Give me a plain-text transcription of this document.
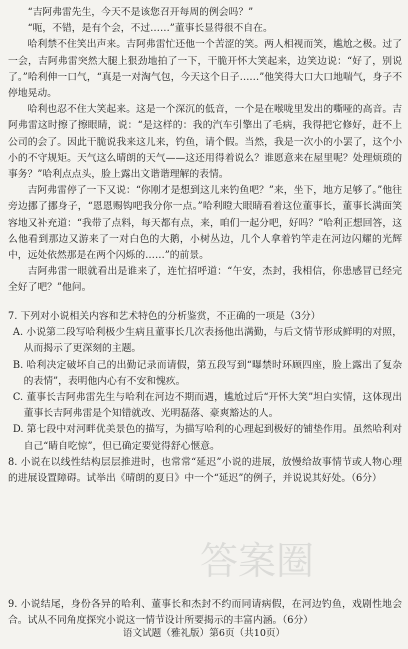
“吉阿弗雷先生，今天不是该您召开每周的例会吗？”

“呃，不错，是有个会，不过……”董事长显得很不自在。

哈利禁不住笑出声来。吉阿弗雷忙还他一个苦涩的笑。两人相视而笑，尴尬之极。过了一会，吉阿弗雷突然大腿上狠劲地拍了一下，干脆开怀大笑起来，边笑边说：“好了，别说了。”哈利伸一口气，“真是一对淘气包，今天这个日子……”他笑得大口大口地喘气，身子不停地晃动。

哈利也忍不住大笑起来。这是一个深沉的低音，一个是在喉咙里发出的嘶哑的高音。吉阿弗雷这时擦了擦眼睛，说：“是这样的：我的汽车引擎出了毛病，我得把它修好，赶不上公司的会了。因此干脆说我来这儿来，钓鱼，请个假。当然，我是一次小的小罢了，这个小小的不守规矩。天气这么晴朗的天气——这还用得着说么？谁愿意来在屋里呢？处理烦琐的事务？”哈利点点头，脸上露出文谐谐理解的表情。

吉阿弗雷停了一下又说：“你刚才是想到这儿来钓鱼吧？”来，坐下，地方足够了。”他往旁边挪了挪身子，“恩恩赐钩吧我分你一点。”哈利瞪大眼睛看着这位董事长，董事长满面笑容地又补充道：“我带了点料，每天都有点，来，咱们一起分吧，好吗？”哈利正想回答，这么他看到那边又游来了一对白色的大鹅，小树丛边，几个人拿着钓竿走在河边闪耀的光辉中，远处依然那是在两个闪烁的……”的前景。

吉阿弗雷一眼就看出是谁来了，连忙招呼道：“午安，杰封，我相信，你患感冒已经完全好了吧？”他问。

7. 下列对小说相关内容和艺术特色的分析鉴赏，不正确的一项是（3分）

A. 小说第二段写哈利极少生病且董事长几次表扬他出满勤，与后文情节形成鲜明的对照，从而揭示了更深刻的主题。

B. 哈利决定破坏自己的出勤记录而请假，第五段写到“曝禁时环顾四座，脸上露出了复杂的表情”，表明他内心有不安和愧疚。

C. 董事长吉阿弗雷先生与哈利在河边不期而遇，尴尬过后“开怀大笑”坦白实情，这体现出董事长吉阿弗雷是个知错就改、光明磊落、豪爽豁达的人。

D. 第七段中对河畔优美景色的描写，为描写哈利的心理起到极好的铺垫作用。虽然哈利对自己“睛自吃惊”，但已确定要觉得舒心惬意。

8. 小说在以线性结构层层推进时，也常常“延迟”小说的进展，放慢给故事情节或人物心理的进展设置障碍。试举出《晴朗的夏日》中一个“延迟”的例子，并说说其好处。（6分）

9. 小说结尾，身份各异的哈利、董事长和杰封不约而同请病假，在河边钓鱼，戏剧性地会合。试从不同角度探究小说这一情节设计所要揭示的丰富内涵。（6分）

答案圈
语文试题（雅礼版）第6页（共10页）
